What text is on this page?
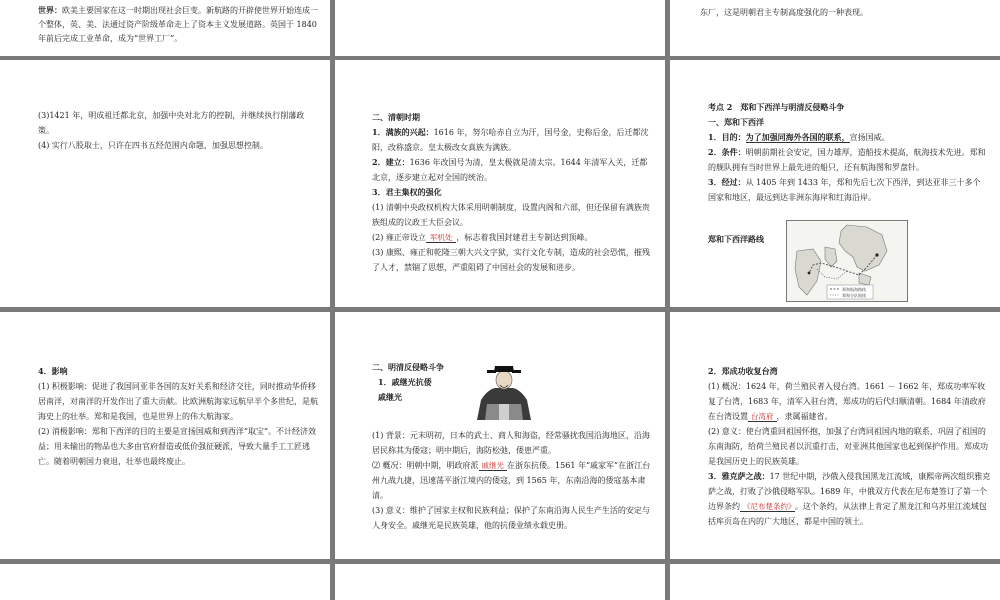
世界：欧美主要国家在这一时期出现社会巨变。新航路的开辟使世界开始连成一个整体，英、美、法通过资产阶级革命走上了资本主义发展道路。英国于 1840 年前后完成工业革命，成为“世界工厂”。
东厂，这是明朝君主专制高度强化的一种表现。

(3)1421 年，明成祖迁都北京，加强中央对北方的控制，并继续执行削藩政策。

(4) 实行八股取士，只许在四书五经范围内命题，加强思想控制。

二、清朝时期

1．满族的兴起：1616 年，努尔哈赤自立为汗，国号金，史称后金，后迁都沈阳，改称盛京。皇太极改女真族为满族。

2．建立：1636 年改国号为清，皇太极就是清太宗。1644 年清军入关，迁都北京，逐步建立起对全国的统治。

3．君主集权的强化

(1) 清朝中央政权机构大体采用明朝制度，设置内阁和六部，但还保留有满族贵族组成的议政王大臣会议。

(2) 雍正帝设立 军机处 ，标志着我国封建君主专制达到顶峰。

(3) 康熙、雍正和乾隆三朝大兴文字狱，实行文化专制，造成的社会恐慌，摧残了人才，禁锢了思想，严重阻碍了中国社会的发展和进步。

考点 2　郑和下西洋与明清反侵略斗争

一、郑和下西洋

1．目的：为了加强同海外各国的联系，宣扬国威。

2．条件：明朝前期社会安定，国力雄厚，造船技术提高，航海技术先进。郑和的舰队拥有当时世界上最先进的船只，还有航海图和罗盘针。

3．经过：从 1405 年到 1433 年，郑和先后七次下西洋，到达亚非三十多个国家和地区，最远到达非洲东海岸和红海沿岸。

郑和下西洋路线
郑和航海路线
郑和分队航线

4．影响

(1) 积极影响：促进了我国同亚非各国的友好关系和经济交往，同时推动华侨移居南洋，对南洋的开发作出了重大贡献。比欧洲航海家远航早半个多世纪，是航海史上的壮举。郑和是我国，也是世界上的伟大航海家。

(2) 消极影响：郑和下西洋的目的主要是宣扬国威和到西洋“取宝”。不计经济效益；用未输出的物品也大多由官府督造或低价强征硬派，导致大量手工工匠逃亡。随着明朝国力衰退，壮举也最终废止。

二、明清反侵略斗争

1．戚继光抗倭

戚继光

(1) 背景：元末明初，日本的武士、商人和海盗，经常骚扰我国沿海地区，沿海居民称其为倭寇；明中期后，海防松弛，倭患严重。

⑵ 概况：明朝中期，明政府派 戚继光 在浙东抗倭。1561 年“戚家军”在浙江台州九战九捷，迅速荡平浙江境内的倭寇，到 1565 年，东南沿海的倭寇基本肃清。

(3) 意义：维护了国家主权和民族利益；保护了东南沿海人民生产生活的安定与人身安全。戚继光是民族英雄，他的抗倭业绩永载史册。

2．郑成功收复台湾

(1) 概况：1624 年，荷兰殖民者入侵台湾。1661 － 1662 年，郑成功率军收复了台湾，1683 年，清军入驻台湾，郑成功的后代归顺清朝。1684 年清政府在台湾设置 台湾府 ，隶属福建省。

(2) 意义：使台湾重回祖国怀抱，加强了台湾同祖国内地的联系，巩固了祖国的东南海防，给荷兰殖民者以沉重打击，对亚洲其他国家也起到保护作用。郑成功是我国历史上的民族英雄。

3．雅克萨之战：17 世纪中期，沙俄入侵我国黑龙江流域，康熙帝两次组织雅克萨之战，打败了沙俄侵略军队。1689 年，中俄双方代表在尼布楚签订了第一个边界条约 《尼布楚条约》 。这个条约，从法律上肯定了黑龙江和乌苏里江流域包括库页岛在内的广大地区，都是中国的领土。
